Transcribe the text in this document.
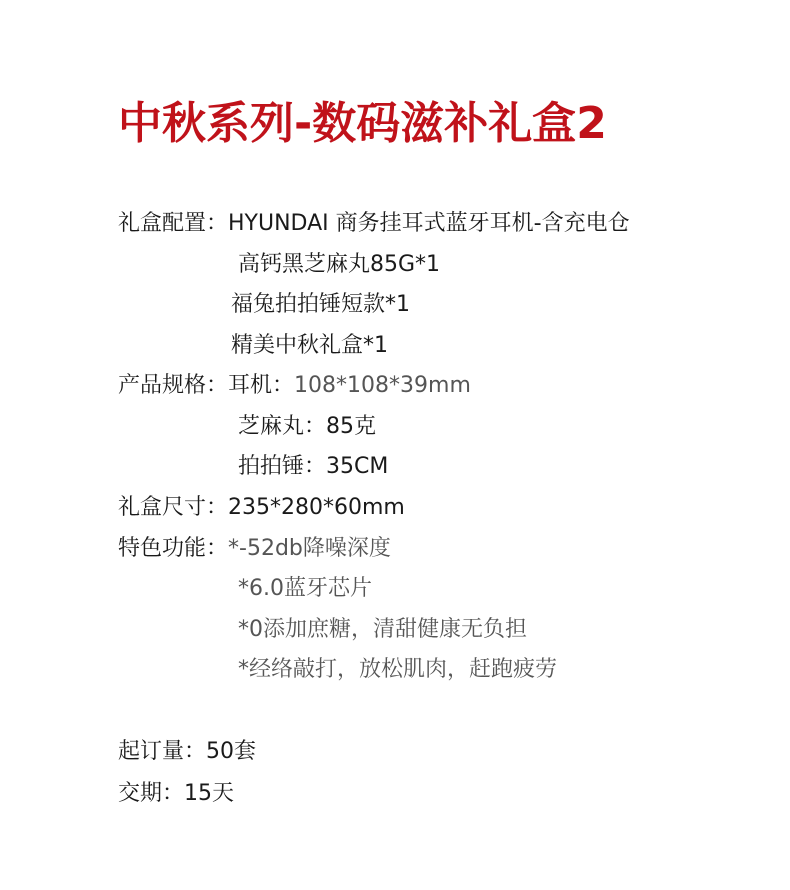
中秋系列-数码滋补礼盒2
礼盒配置：HYUNDAI 商务挂耳式蓝牙耳机-含充电仓
高钙黑芝麻丸85G*1
福兔拍拍锤短款*1
精美中秋礼盒*1
产品规格：耳机：108*108*39mm
芝麻丸：85克
拍拍锤：35CM
礼盒尺寸：235*280*60mm
特色功能：*-52db降噪深度
*6.0蓝牙芯片
*0添加庶糖，清甜健康无负担
*经络敲打，放松肌肉，赶跑疲劳
起订量：50套
交期：15天
